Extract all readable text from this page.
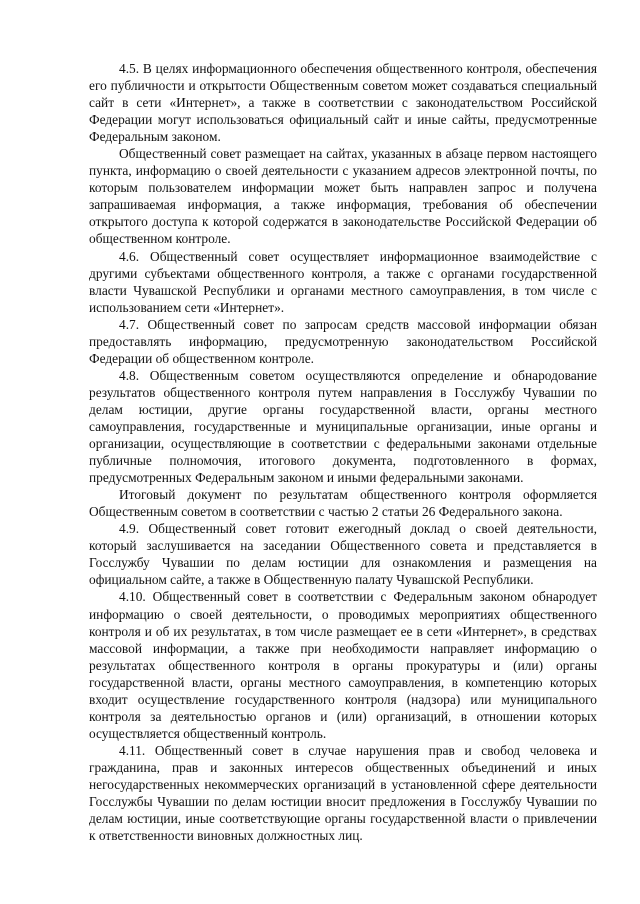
4.5. В целях информационного обеспечения общественного контроля, обеспечения его публичности и открытости Общественным советом может создаваться специальный сайт в сети «Интернет», а также в соответствии с законодательством Российской Федерации могут использоваться официальный сайт и иные сайты, предусмотренные Федеральным законом.

Общественный совет размещает на сайтах, указанных в абзаце первом настоящего пункта, информацию о своей деятельности с указанием адресов электронной почты, по которым пользователем информации может быть направлен запрос и получена запрашиваемая информация, а также информация, требования об обеспечении открытого доступа к которой содержатся в законодательстве Российской Федерации об общественном контроле.

4.6. Общественный совет осуществляет информационное взаимодействие с другими субъектами общественного контроля, а также с органами государственной власти Чувашской Республики и органами местного самоуправления, в том числе с использованием сети «Интернет».

4.7. Общественный совет по запросам средств массовой информации обязан предоставлять информацию, предусмотренную законодательством Российской Федерации об общественном контроле.

4.8. Общественным советом осуществляются определение и обнародование результатов общественного контроля путем направления в Госслужбу Чувашии по делам юстиции, другие органы государственной власти, органы местного самоуправления, государственные и муниципальные организации, иные органы и организации, осуществляющие в соответствии с федеральными законами отдельные публичные полномочия, итогового документа, подготовленного в формах, предусмотренных Федеральным законом и иными федеральными законами.

Итоговый документ по результатам общественного контроля оформляется Общественным советом в соответствии с частью 2 статьи 26 Федерального закона.

4.9. Общественный совет готовит ежегодный доклад о своей деятельности, который заслушивается на заседании Общественного совета и представляется в Госслужбу Чувашии по делам юстиции для ознакомления и размещения на официальном сайте, а также в Общественную палату Чувашской Республики.

4.10. Общественный совет в соответствии с Федеральным законом обнародует информацию о своей деятельности, о проводимых мероприятиях общественного контроля и об их результатах, в том числе размещает ее в сети «Интернет», в средствах массовой информации, а также при необходимости направляет информацию о результатах общественного контроля в органы прокуратуры и (или) органы государственной власти, органы местного самоуправления, в компетенцию которых входит осуществление государственного контроля (надзора) или муниципального контроля за деятельностью органов и (или) организаций, в отношении которых осуществляется общественный контроль.

4.11. Общественный совет в случае нарушения прав и свобод человека и гражданина, прав и законных интересов общественных объединений и иных негосударственных некоммерческих организаций в установленной сфере деятельности Госслужбы Чувашии по делам юстиции вносит предложения в Госслужбу Чувашии по делам юстиции, иные соответствующие органы государственной власти о привлечении к ответственности виновных должностных лиц.
